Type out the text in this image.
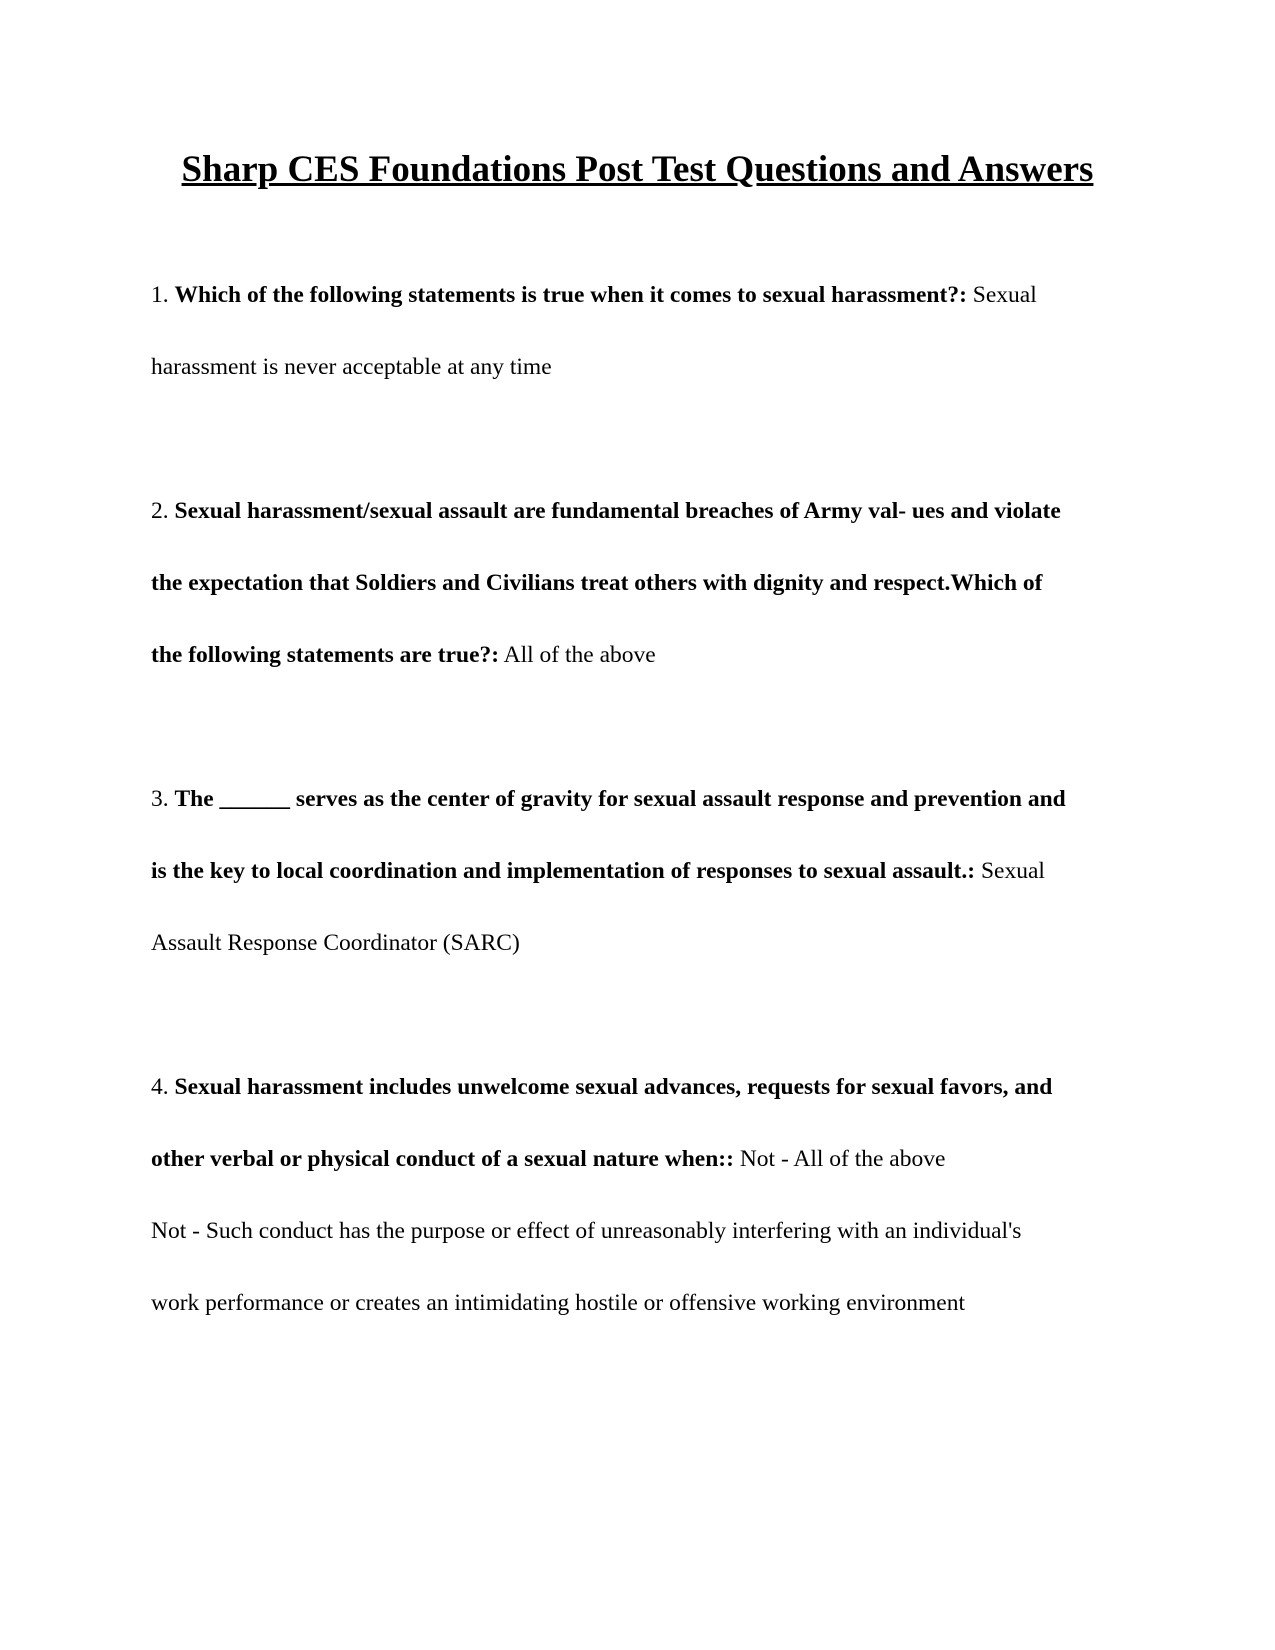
Sharp CES Foundations Post Test Questions and Answers
1. Which of the following statements is true when it comes to sexual harassment?: Sexual
harassment is never acceptable at any time
2. Sexual harassment/sexual assault are fundamental breaches of Army val- ues and violate
the expectation that Soldiers and Civilians treat others with dignity and respect.Which of
the following statements are true?: All of the above
3. The ______ serves as the center of gravity for sexual assault response and prevention and
is the key to local coordination and implementation of responses to sexual assault.: Sexual
Assault Response Coordinator (SARC)
4. Sexual harassment includes unwelcome sexual advances, requests for sexual favors, and
other verbal or physical conduct of a sexual nature when:: Not - All of the above
Not - Such conduct has the purpose or effect of unreasonably interfering with an individual's
work performance or creates an intimidating hostile or offensive working environment
